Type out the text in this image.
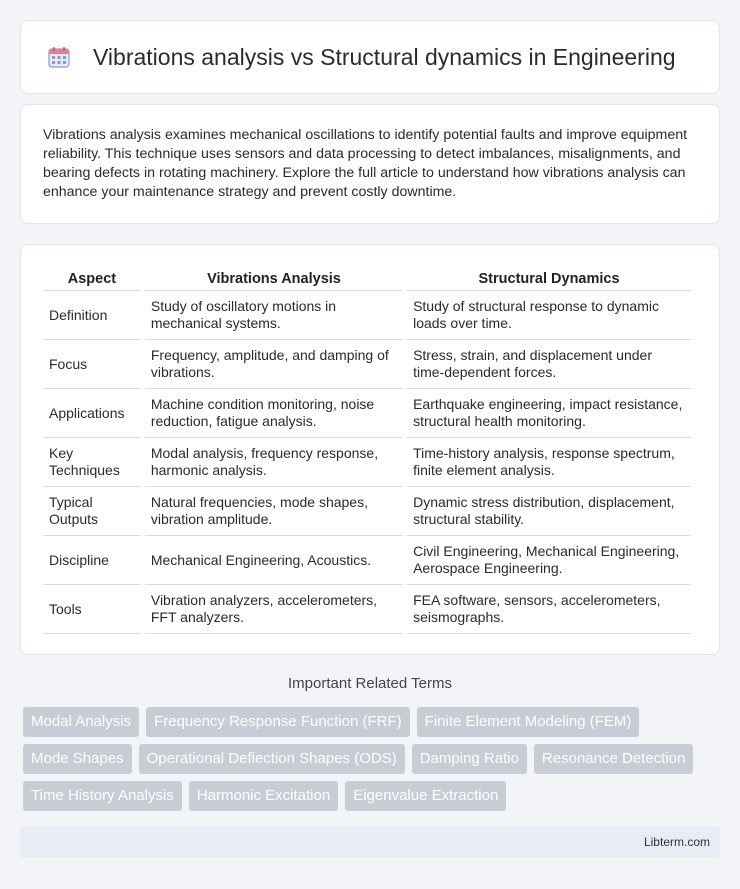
Vibrations analysis vs Structural dynamics in Engineering

Vibrations analysis examines mechanical oscillations to identify potential faults and improve equipment reliability. This technique uses sensors and data processing to detect imbalances, misalignments, and bearing defects in rotating machinery. Explore the full article to understand how vibrations analysis can enhance your maintenance strategy and prevent costly downtime.

Aspect	Vibrations Analysis	Structural Dynamics
Definition	Study of oscillatory motions in mechanical systems.	Study of structural response to dynamic loads over time.
Focus	Frequency, amplitude, and damping of vibrations.	Stress, strain, and displacement under time-dependent forces.
Applications	Machine condition monitoring, noise reduction, fatigue analysis.	Earthquake engineering, impact resistance, structural health monitoring.
Key Techniques	Modal analysis, frequency response, harmonic analysis.	Time-history analysis, response spectrum, finite element analysis.
Typical Outputs	Natural frequencies, mode shapes, vibration amplitude.	Dynamic stress distribution, displacement, structural stability.
Discipline	Mechanical Engineering, Acoustics.	Civil Engineering, Mechanical Engineering, Aerospace Engineering.
Tools	Vibration analyzers, accelerometers, FFT analyzers.	FEA software, sensors, accelerometers, seismographs.
Important Related Terms
Modal Analysis	Frequency Response Function (FRF)	Finite Element Modeling (FEM)
Mode Shapes	Operational Deflection Shapes (ODS)	Damping Ratio	Resonance Detection
Time History Analysis	Harmonic Excitation	Eigenvalue Extraction
Libterm.com
